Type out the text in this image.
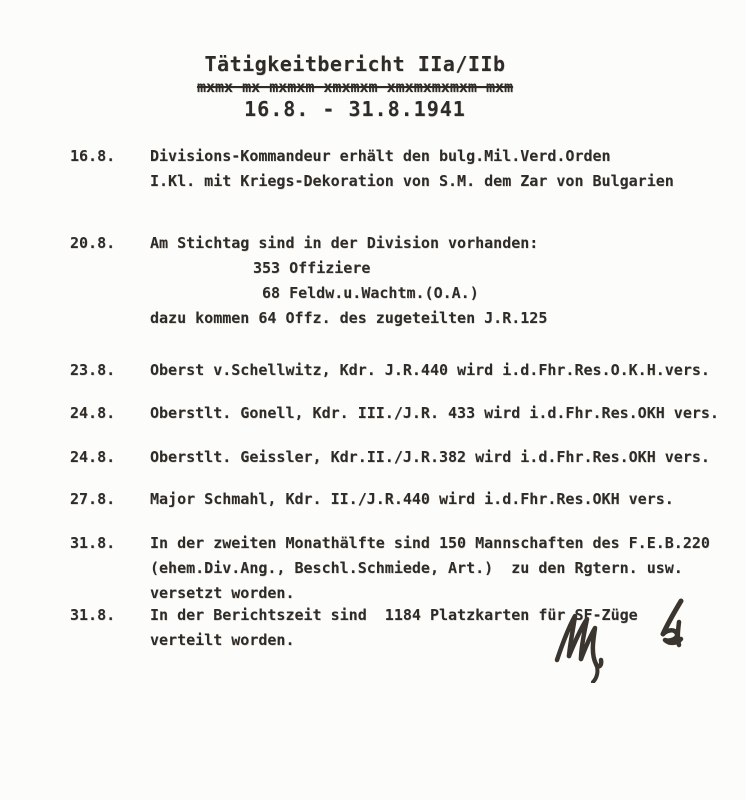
Tätigkeitbericht IIa/IIb
mxmx mx mxmxm xmxmxm xmxmxmxmxm mxm
16.8. - 31.8.1941
16.8.	Divisions-Kommandeur erhält den bulg.Mil.Verd.Orden
I.Kl. mit Kriegs-Dekoration von S.M. dem Zar von Bulgarien
20.8.	Am Stichtag sind in der Division vorhanden:
353 Offiziere
68 Feldw.u.Wachtm.(O.A.)
dazu kommen 64 Offz. des zugeteilten J.R.125
23.8.	Oberst v.Schellwitz, Kdr. J.R.440 wird i.d.Fhr.Res.O.K.H.vers.
24.8.	Oberstlt. Gonell, Kdr. III./J.R. 433 wird i.d.Fhr.Res.OKH vers.
24.8.	Oberstlt. Geissler, Kdr.II./J.R.382 wird i.d.Fhr.Res.OKH vers.
27.8.	Major Schmahl, Kdr. II./J.R.440 wird i.d.Fhr.Res.OKH vers.
31.8.	In der zweiten Monathälfte sind 150 Mannschaften des F.E.B.220
(ehem.Div.Ang., Beschl.Schmiede, Art.)  zu den Rgtern. usw.
versetzt worden.
31.8.	In der Berichtszeit sind  1184 Platzkarten für SF-Züge
verteilt worden.
